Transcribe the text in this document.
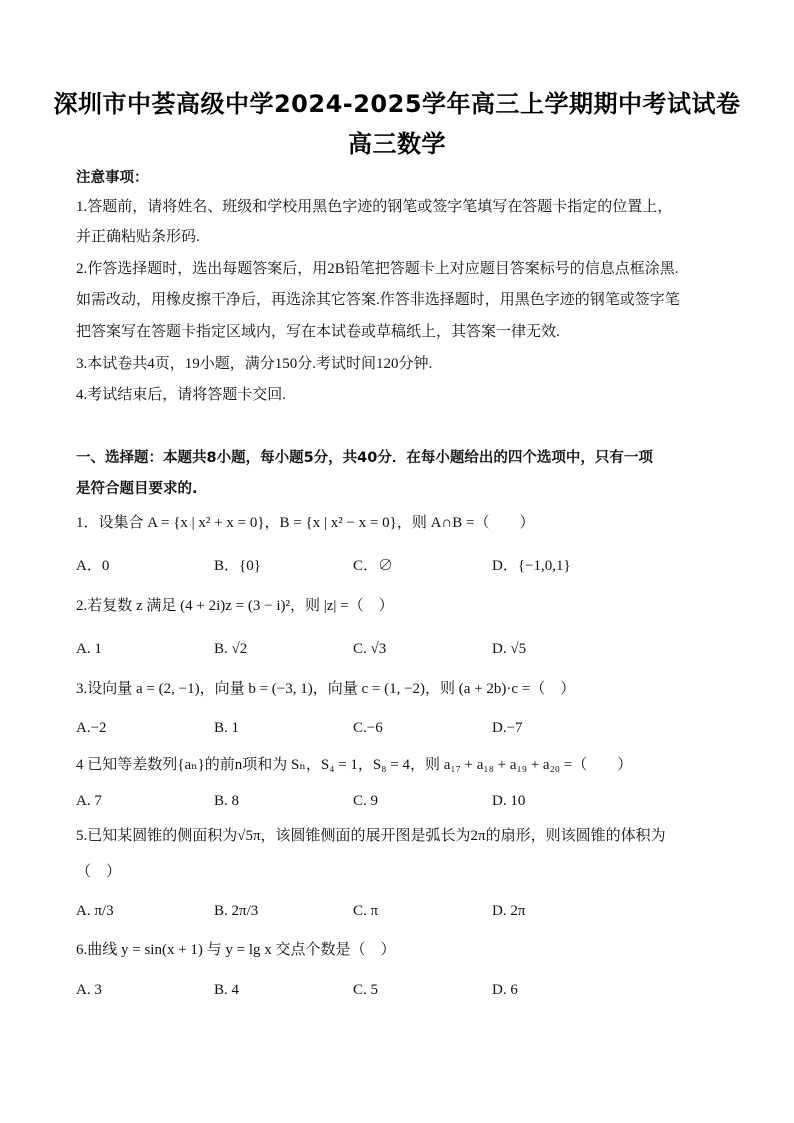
深圳市中荟高级中学2024-2025学年高三上学期期中考试试卷
高三数学
注意事项：
1.答题前，请将姓名、班级和学校用黑色字迹的钢笔或签字笔填写在答题卡指定的位置上，
并正确粘贴条形码.
2.作答选择题时，选出每题答案后，用2B铅笔把答题卡上对应题目答案标号的信息点框涂黑.
如需改动，用橡皮擦干净后，再选涂其它答案.作答非选择题时，用黑色字迹的钢笔或签字笔
把答案写在答题卡指定区域内，写在本试卷或草稿纸上，其答案一律无效.
3.本试卷共4页，19小题，满分150分.考试时间120分钟.
4.考试结束后，请将答题卡交回.
一、选择题：本题共8小题，每小题5分，共40分．在每小题给出的四个选项中，只有一项
是符合题目要求的.
1．设集合 A = {x | x² + x = 0}，B = {x | x² − x = 0}，则 A∩B =（　　）
A．0	B．{0}	C．∅	D．{−1,0,1}
2.若复数 z 满足 (4 + 2i)z = (3 − i)²，则 |z| =（　）
A. 1	B. √2	C. √3	D. √5
3.设向量 a = (2, −1)，向量 b = (−3, 1)，向量 c = (1, −2)，则 (a + 2b)·c =（　）
A.−2	B. 1	C.−6	D.−7
4 已知等差数列{aₙ}的前n项和为 Sₙ，S₄ = 1，S₈ = 4，则 a₁₇ + a₁₈ + a₁₉ + a₂₀ =（　　）
A. 7	B. 8	C. 9	D. 10
5.已知某圆锥的侧面积为√5π，该圆锥侧面的展开图是弧长为2π的扇形，则该圆锥的体积为
（　）
A. π/3	B. 2π/3	C. π	D. 2π
6.曲线 y = sin(x + 1) 与 y = lg x 交点个数是（　）
A. 3	B. 4	C. 5	D. 6
